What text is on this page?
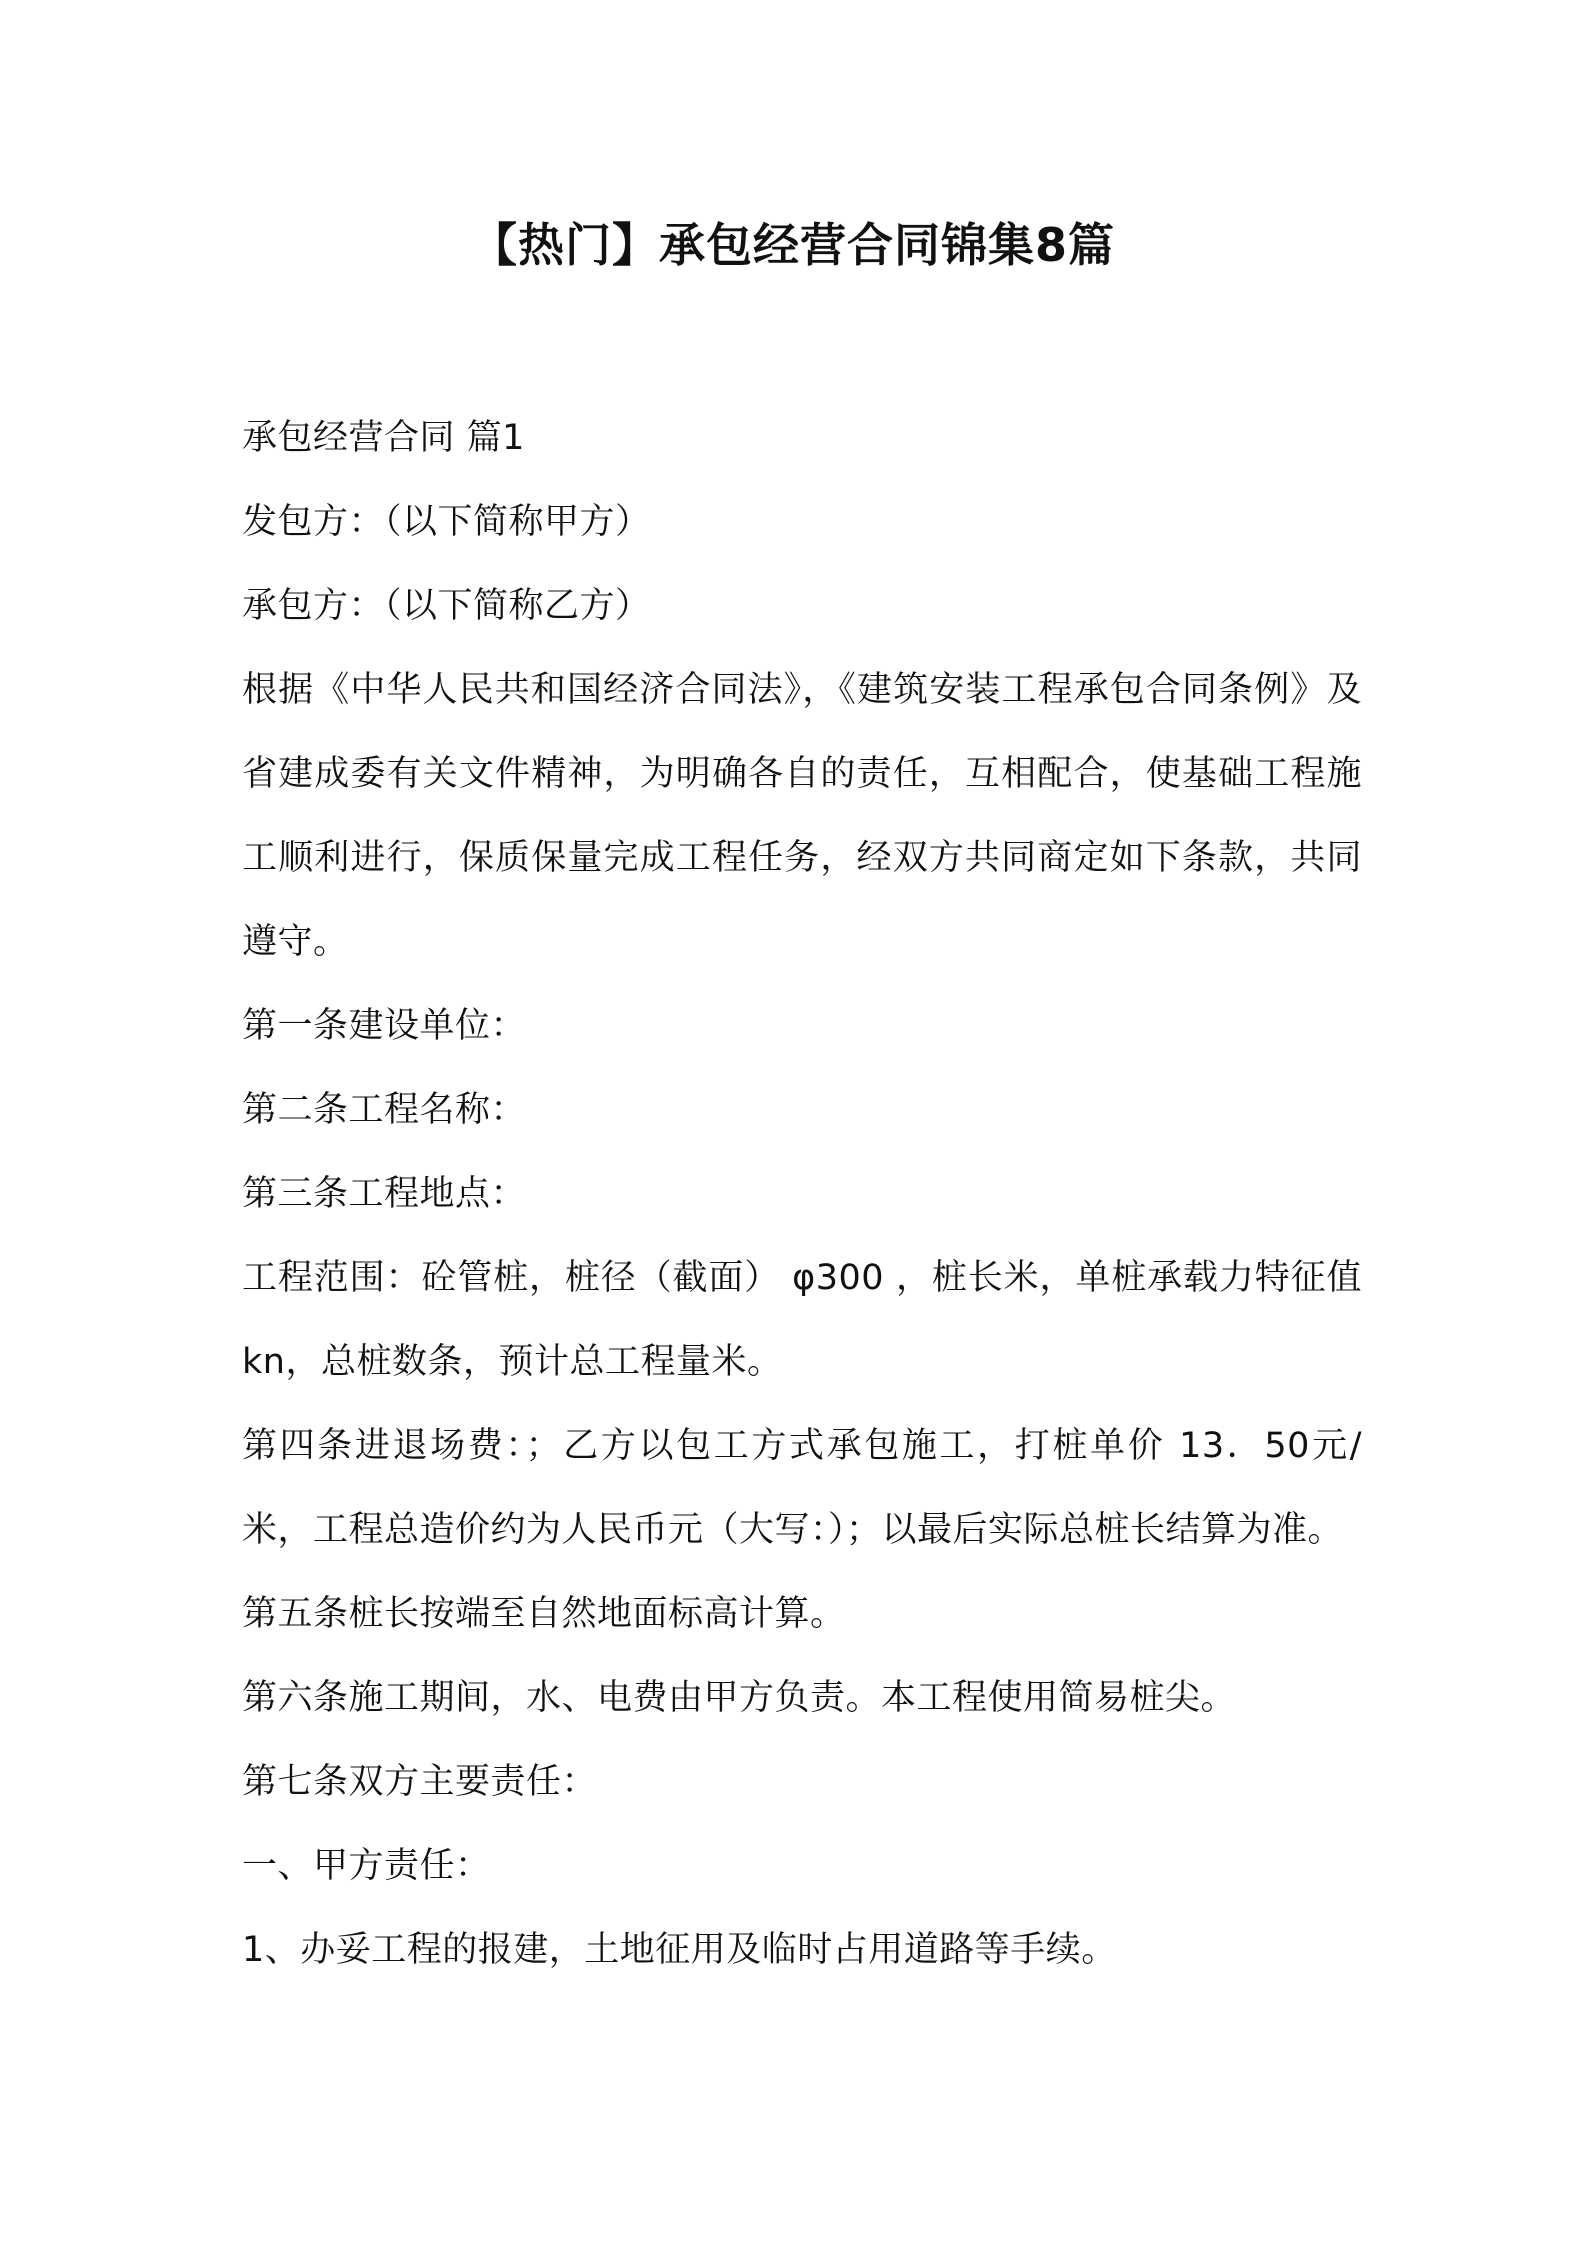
【热门】承包经营合同锦集8篇

承包经营合同 篇1

发包方：（以下简称甲方）

承包方：（以下简称乙方）

根据《中华人民共和国经济合同法》，《建筑安装工程承包合同条例》及省建成委有关文件精神，为明确各自的责任，互相配合，使基础工程施工顺利进行，保质保量完成工程任务，经双方共同商定如下条款，共同遵守。

第一条建设单位：

第二条工程名称：

第三条工程地点：

工程范围：砼管桩，桩径（截面） φ300 ，桩长米，单桩承载力特征值kn，总桩数条，预计总工程量米。

第四条进退场费：；乙方以包工方式承包施工，打桩单价 13．50元/米，工程总造价约为人民币元（大写：）；以最后实际总桩长结算为准。

第五条桩长按端至自然地面标高计算。

第六条施工期间，水、电费由甲方负责。本工程使用简易桩尖。

第七条双方主要责任：

一、甲方责任：

1、办妥工程的报建，土地征用及临时占用道路等手续。
